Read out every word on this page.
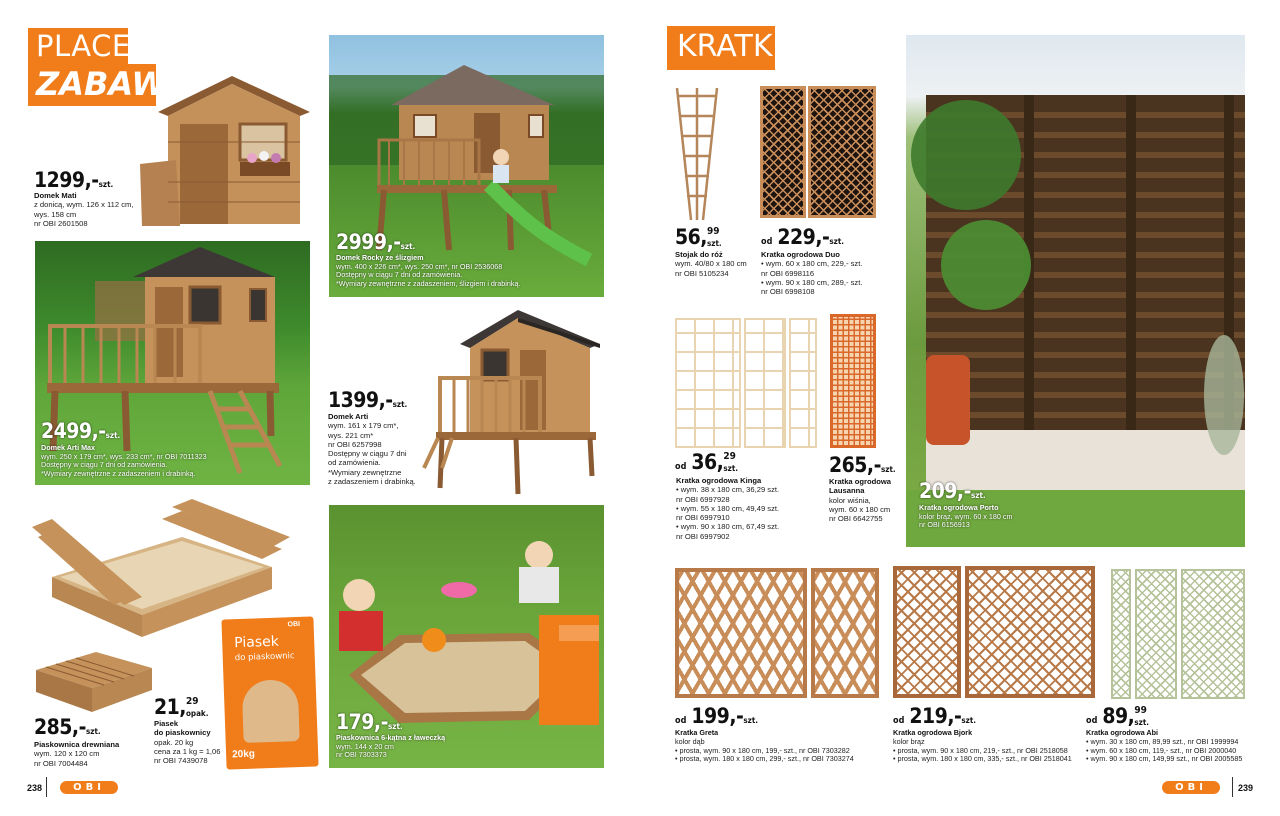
PLACE
ZABAW
1299,-szt.
Domek Mati
z donicą, wym. 126 x 112 cm,
wys. 158 cm
nr OBI 2601508
2999,-szt.
Domek Rocky ze ślizgiem
wym. 400 x 226 cm*, wys. 250 cm*, nr OBI 2536068
Dostępny w ciągu 7 dni od zamówienia.
*Wymiary zewnętrzne z zadaszeniem, ślizgiem i drabinką.
2499,-szt.
Domek Arti Max
wym. 250 x 179 cm*, wys. 233 cm*, nr OBI 7011323
Dostępny w ciągu 7 dni od zamówienia.
*Wymiary zewnętrzne z zadaszeniem i drabinką.
1399,-szt.
Domek Arti
wym. 161 x 179 cm*,
wys. 221 cm*
nr OBI 6257998
Dostępny w ciągu 7 dni
od zamówienia.
*Wymiary zewnętrzne
z zadaszeniem i drabinką.
Piasek
do piaskownic
20kg
OBI
285,-szt.
Piaskownica drewniana
wym. 120 x 120 cm
nr OBI 7004484
21,29
opak.
Piasek
do piaskownicy
opak. 20 kg
cena za 1 kg = 1,06
nr OBI 7439078
179,-szt.
Piaskownica 6-kątna z ławeczką
wym. 144 x 20 cm
nr OBI 7303373
238	OBI
KRATKI
56,99
szt.
Stojak do róż
wym. 40/80 x 180 cm
nr OBI 5105234
od 229,-szt.
Kratka ogrodowa Duo
• wym. 60 x 180 cm, 229,- szt.
nr OBI 6998116
• wym. 90 x 180 cm, 289,- szt.
nr OBI 6998108
od 36,29
szt.
Kratka ogrodowa Kinga
• wym. 38 x 180 cm, 36,29 szt.
nr OBI 6997928
• wym. 55 x 180 cm, 49,49 szt.
nr OBI 6997910
• wym. 90 x 180 cm, 67,49 szt.
nr OBI 6997902
265,-szt.
Kratka ogrodowa
Lausanna
kolor wiśnia,
wym. 60 x 180 cm
nr OBI 6642755
209,-szt.
Kratka ogrodowa Porto
kolor brąz, wym. 60 x 180 cm
nr OBI 6156913
od 199,-szt.
Kratka Greta
kolor dąb
• prosta, wym. 90 x 180 cm, 199,- szt., nr OBI 7303282
• prosta, wym. 180 x 180 cm, 299,- szt., nr OBI 7303274
od 219,-szt.
Kratka ogrodowa Bjork
kolor brąz
• prosta, wym. 90 x 180 cm, 219,- szt., nr OBI 2518058
• prosta, wym. 180 x 180 cm, 335,- szt., nr OBI 2518041
od 89,99
szt.
Kratka ogrodowa Abi
• wym. 30 x 180 cm, 89,99 szt., nr OBI 1999994
• wym. 60 x 180 cm, 119,- szt., nr OBI 2000040
• wym. 90 x 180 cm, 149,99 szt., nr OBI 2005585
OBI	239
